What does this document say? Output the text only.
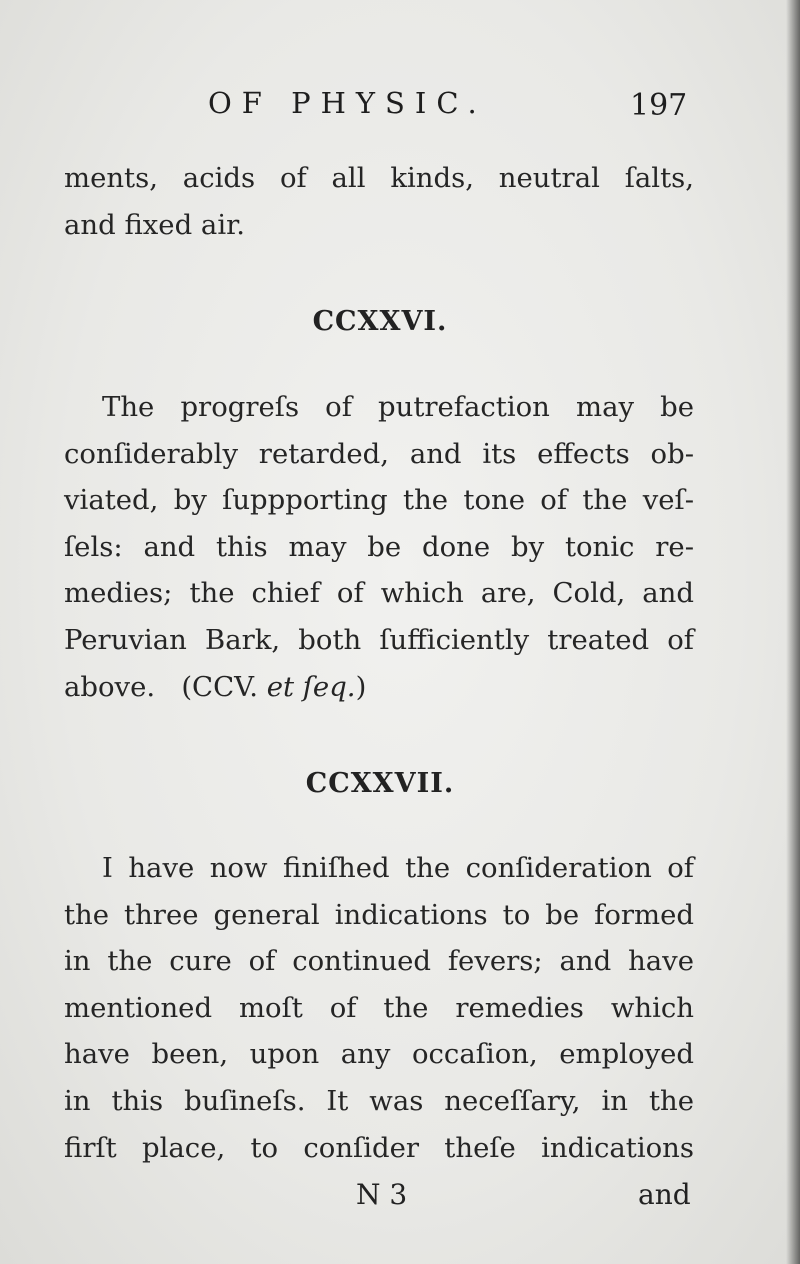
OF PHYSIC.	197

ments, acids of all kinds, neutral ſalts,
and fixed air.

CCXXVI.

The progreſs of putrefaction may be
conſiderably retarded, and its effects ob-
viated, by ſuppporting the tone of the veſ-
ſels: and this may be done by tonic re-
medies; the chief of which are, Cold, and
Peruvian Bark, both ſufficiently treated of
above.   (CCV. et ſeq.)

CCXXVII.

I have now finiſhed the conſideration of
the three general indications to be formed
in the cure of continued fevers; and have
mentioned moſt of the remedies which
have been, upon any occaſion, employed
in this buſineſs. It was neceſſary, in the
firſt place, to conſider theſe indications

N 3	and
